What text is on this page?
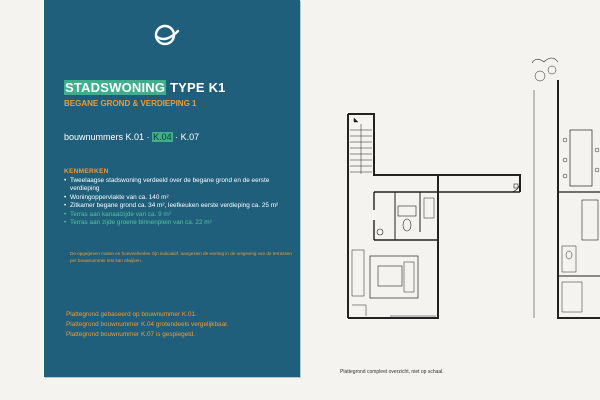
STADSWONING TYPE K1
BEGANE GROND & VERDIEPING 1
bouwnummers K.01 · K.04 · K.07
KENMERKEN
• Tweelaagse stadswoning verdeeld over de begane grond en de eerste verdieping
• Woningoppervlakte van ca. 140 m²
• Zitkamer begane grond ca. 34 m², leefkeuken eerste verdieping ca. 25 m²
• Terras aan kanaalzijde van ca. 9 m²
• Terras aan zijde groene binnenplein van ca. 22 m²
De opgegeven maten en hoeveelheden zijn indicatief, aangezien de woning in de omgeving van de terrassen per bouwnummer iets kan afwijken.
Plattegrond gebaseerd op bouwnummer K.01.
Plattegrond bouwnummer K.04 grotendeels vergelijkbaar.
Plattegrond bouwnummer K.07 is gespiegeld.
Plattegrond compleet overzicht, niet op schaal.
